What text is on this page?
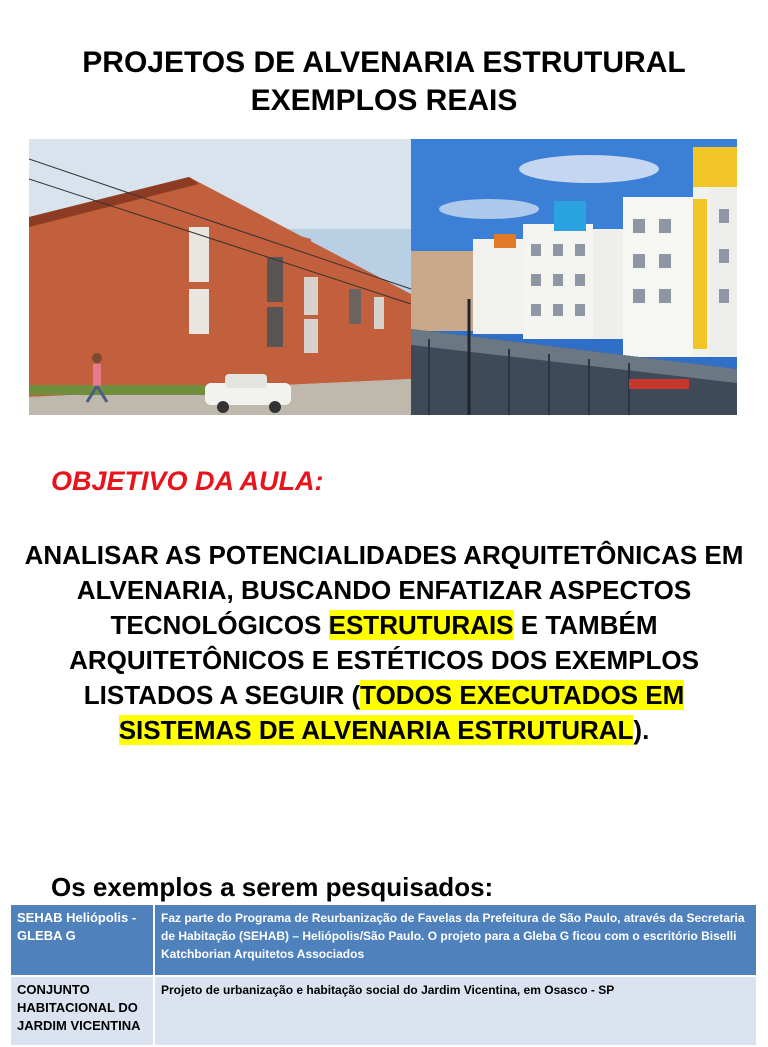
PROJETOS DE ALVENARIA ESTRUTURAL
EXEMPLOS REAIS
OBJETIVO DA AULA:
ANALISAR AS POTENCIALIDADES ARQUITETÔNICAS EM ALVENARIA, BUSCANDO ENFATIZAR ASPECTOS TECNOLÓGICOS ESTRUTURAIS E TAMBÉM ARQUITETÔNICOS E ESTÉTICOS DOS EXEMPLOS LISTADOS A SEGUIR (TODOS EXECUTADOS EM SISTEMAS DE ALVENARIA ESTRUTURAL).
Os exemplos a serem pesquisados:
SEHAB Heliópolis - GLEBA G	Faz parte do Programa de Reurbanização de Favelas da Prefeitura de São Paulo, através da Secretaria de Habitação (SEHAB) – Heliópolis/São Paulo. O projeto para a Gleba G ficou com o escritório Biselli Katchborian Arquitetos Associados
CONJUNTO HABITACIONAL DO JARDIM VICENTINA	Projeto de urbanização e habitação social do Jardim Vicentina, em Osasco - SP
